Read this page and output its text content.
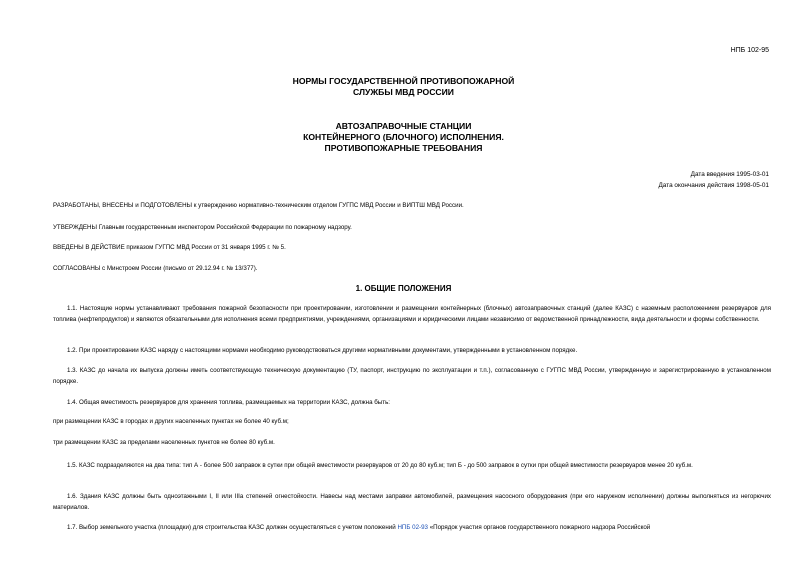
НПБ 102-95
НОРМЫ ГОСУДАРСТВЕННОЙ ПРОТИВОПОЖАРНОЙ
СЛУЖБЫ МВД РОССИИ
АВТОЗАПРАВОЧНЫЕ СТАНЦИИ
КОНТЕЙНЕРНОГО (БЛОЧНОГО) ИСПОЛНЕНИЯ.
ПРОТИВОПОЖАРНЫЕ ТРЕБОВАНИЯ
Дата введения 1995-03-01
Дата окончания действия 1998-05-01
РАЗРАБОТАНЫ, ВНЕСЕНЫ и ПОДГОТОВЛЕНЫ к утверждению нормативно-техническим отделом ГУГПС МВД России и ВИПТШ МВД России.
УТВЕРЖДЕНЫ Главным государственным инспектором Российской Федерации по пожарному надзору.
ВВЕДЕНЫ В ДЕЙСТВИЕ приказом ГУГПС МВД России от 31 января 1995 г. № 5.
СОГЛАСОВАНЫ с Минстроем России (письмо от 29.12.94 г. № 13/377).
1. ОБЩИЕ ПОЛОЖЕНИЯ
1.1. Настоящие нормы устанавливают требования пожарной безопасности при проектировании, изготовлении и размещении контейнерных (блочных) автозаправочных станций (далее КАЗС) с наземным расположением резервуаров для топлива (нефтепродуктов) и являются обязательными для исполнения всеми предприятиями, учреждениями, организациями и юридическими лицами независимо от ведомственной принадлежности, вида деятельности и формы собственности.
1.2. При проектировании КАЗС наряду с настоящими нормами необходимо руководствоваться другими нормативными документами, утвержденными в установленном порядке.
1.3. КАЗС до начала их выпуска должны иметь соответствующую техническую документацию (ТУ, паспорт, инструкцию по эксплуатации и т.п.), согласованную с ГУГПС МВД России, утвержденную и зарегистрированную в установленном порядке.
1.4. Общая вместимость резервуаров для хранения топлива, размещаемых на территории КАЗС, должна быть:
при размещении КАЗС в городах и других населенных пунктах не более 40 куб.м;
три размещении КАЗС за пределами населенных пунктов не более 80 куб.м.
1.5. КАЗС подразделяются на два типа: тип А - более 500 заправок в сутки при общей вместимости резервуаров от 20 до 80 куб.м; тип Б - до 500 заправок в сутки при общей вместимости резервуаров менее 20 куб.м.
1.6. Здания КАЗС должны быть одноэтажными I, II или IIIа степеней огнестойкости. Навесы над местами заправки автомобилей, размещения насосного оборудования (при его наружном исполнении) должны выполняться из негорючих материалов.
1.7. Выбор земельного участка (площадки) для строительства КАЗС должен осуществляться с учетом положений НПБ 02-93 «Порядок участия органов государственного пожарного надзора Российской
